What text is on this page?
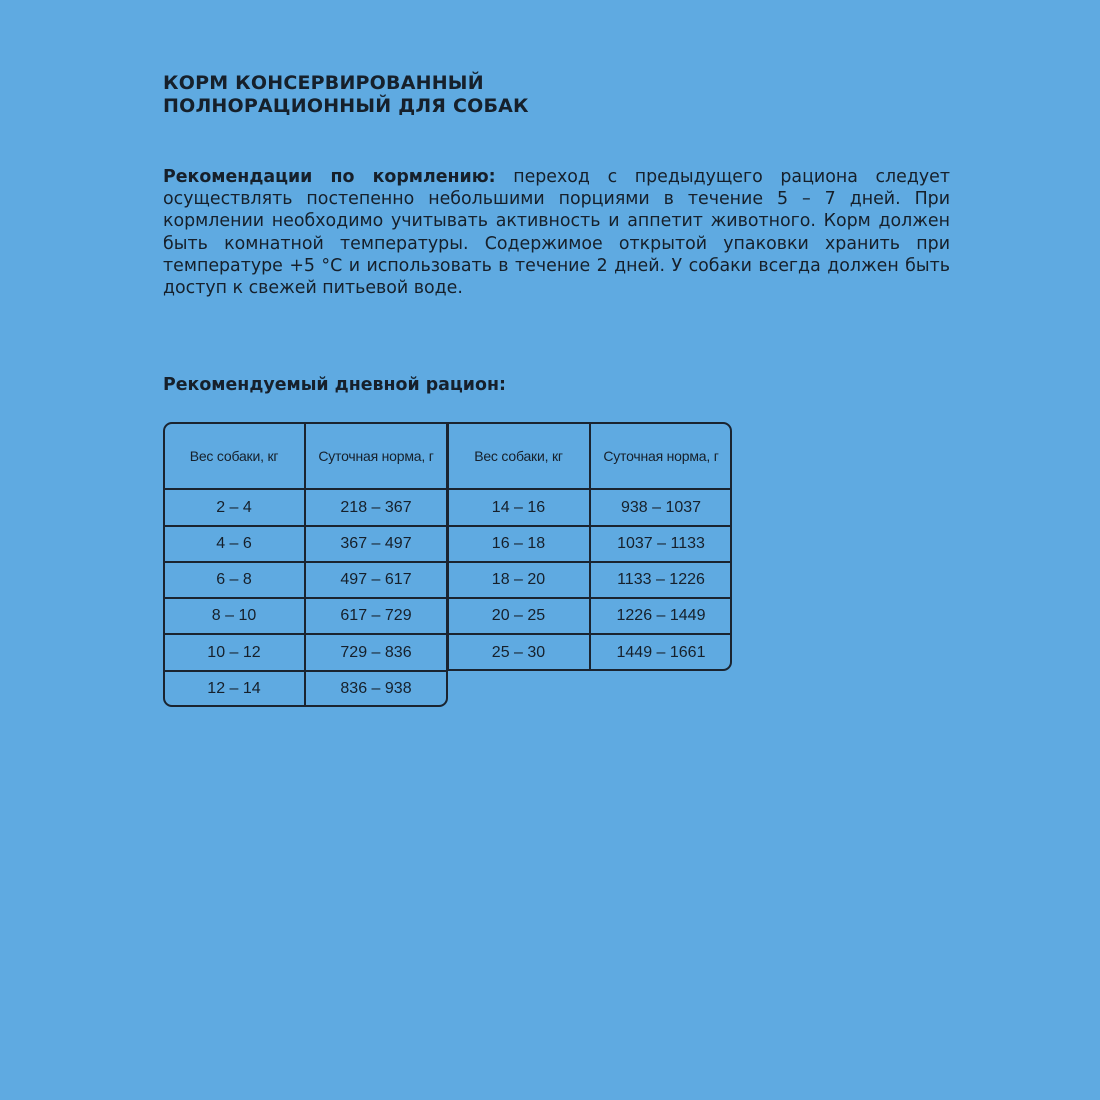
КОРМ КОНСЕРВИРОВАННЫЙ
ПОЛНОРАЦИОННЫЙ ДЛЯ СОБАК

Рекомендации по кормлению: переход с предыдущего рациона следует осуществлять постепенно небольшими порциями в течение 5 – 7 дней. При кормлении необходимо учитывать активность и аппетит животного. Корм должен быть комнатной температуры. Содержимое открытой упаковки хранить при температуре +5 °С и использовать в течение 2 дней. У собаки всегда должен быть доступ к свежей питьевой воде.

Рекомендуемый дневной рацион:
Вес собаки, кг	Суточная норма, г	Вес собаки, кг	Суточная норма, г
2 – 4	218 – 367
4 – 6	367 – 497
6 – 8	497 – 617
8 – 10	617 – 729
10 – 12	729 – 836
12 – 14	836 – 938
14 – 16	938 – 1037
16 – 18	1037 – 1133
18 – 20	1133 – 1226
20 – 25	1226 – 1449
25 – 30	1449 – 1661
